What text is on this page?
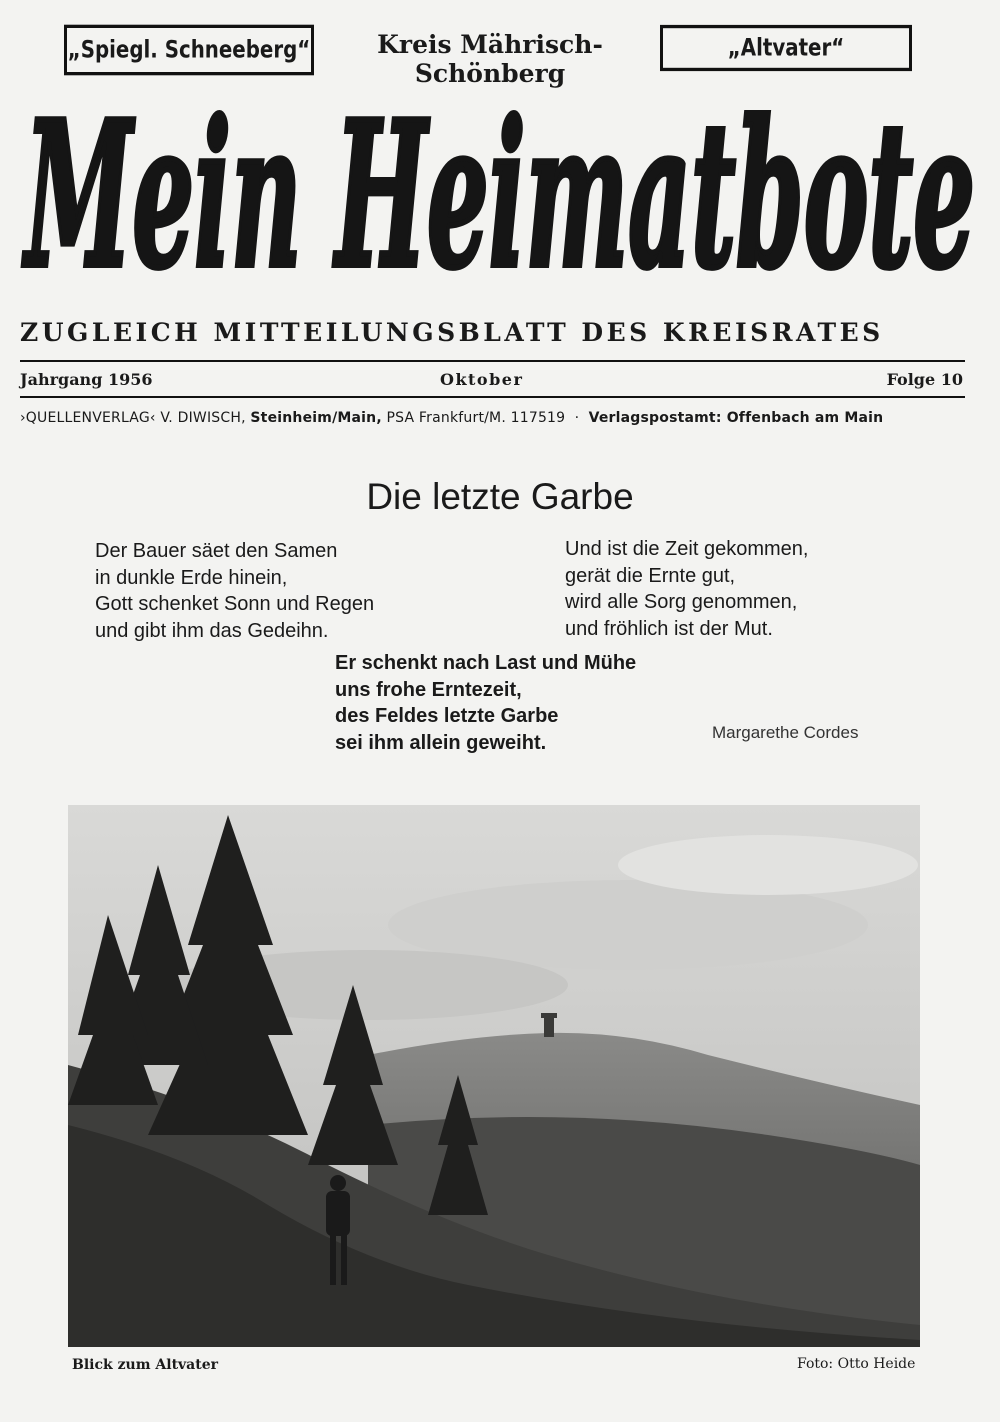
„Spiegl. Schneeberg“	Kreis Mährisch-Schönberg
„Altvater“
Mein Heimatbote
ZUGLEICH MITTEILUNGSBLATT DES KREISRATES
Jahrgang 1956	Oktober	Folge 10
›QUELLENVERLAG‹ V. DIWISCH, Steinheim/Main, PSA Frankfurt/M. 117519 · Verlagspostamt: Offenbach am Main
Die letzte Garbe
Der Bauer säet den Samen
in dunkle Erde hinein,
Gott schenket Sonn und Regen
und gibt ihm das Gedeihn.
Und ist die Zeit gekommen,
gerät die Ernte gut,
wird alle Sorg genommen,
und fröhlich ist der Mut.
Er schenkt nach Last und Mühe
uns frohe Erntezeit,
des Feldes letzte Garbe
sei ihm allein geweiht.	Margarethe Cordes
Blick zum Altvater	Foto: Otto Heide
